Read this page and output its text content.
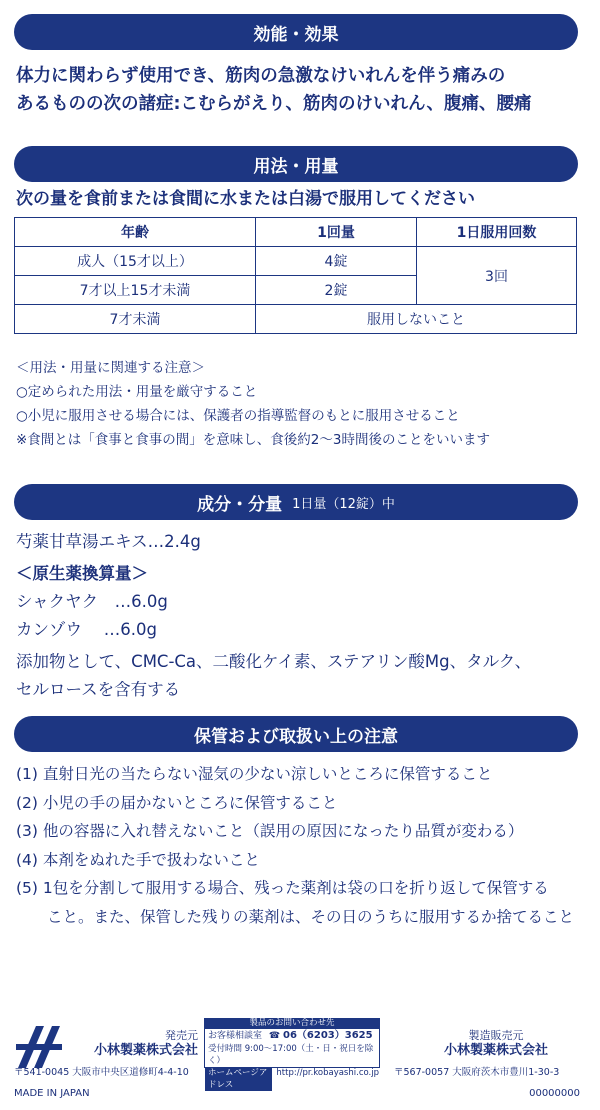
効能・効果
体力に関わらず使用でき、筋肉の急激なけいれんを伴う痛みの
あるものの次の諸症:こむらがえり、筋肉のけいれん、腹痛、腰痛
用法・用量
次の量を食前または食間に水または白湯で服用してください
年齢	1回量	1日服用回数
成人（15才以上）	4錠	3回
7才以上15才未満	2錠	
7才未満	服用しないこと	
＜用法・用量に関連する注意＞
○定められた用法・用量を厳守すること
○小児に服用させる場合には、保護者の指導監督のもとに服用させること
※食間とは「食事と食事の間」を意味し、食後約2～3時間後のことをいいます
成分・分量 1日量（12錠）中
芍薬甘草湯エキス…2.4g
＜原生薬換算量＞
シャクヤク　…6.0g
カンゾウ　 …6.0g
添加物として、CMC-Ca、二酸化ケイ素、ステアリン酸Mg、タルク、
セルロースを含有する
保管および取扱い上の注意
(1) 直射日光の当たらない湿気の少ない涼しいところに保管すること
(2) 小児の手の届かないところに保管すること
(3) 他の容器に入れ替えないこと（誤用の原因になったり品質が変わる）
(4) 本剤をぬれた手で扱わないこと
(5) 1包を分割して服用する場合、残った薬剤は袋の口を折り返して保管する
　　こと。また、保管した残りの薬剤は、その日のうちに服用するか捨てること
発売元
小林製薬株式会社
〒541-0045 大阪市中央区道修町4-4-10
製品のお問い合わせ先
お客様相談室 ☎ 06（6203）3625
受付時間 9:00～17:00（土・日・祝日を除く）
ホームページアドレス
http://pr.kobayashi.co.jp
製造販売元
小林製薬株式会社
〒567-0057 大阪府茨木市豊川1-30-3
MADE IN JAPAN	00000000
